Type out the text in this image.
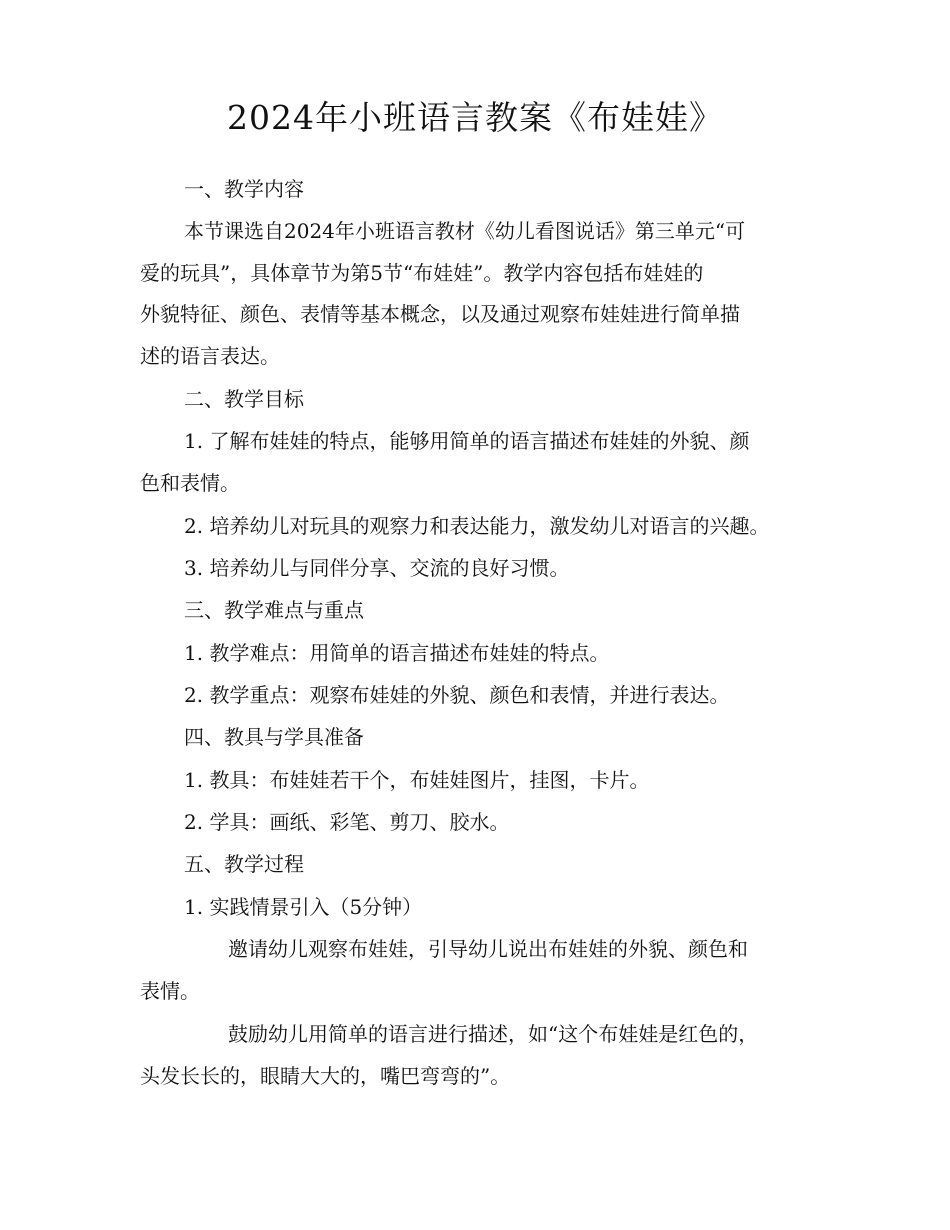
2024年小班语言教案《布娃娃》
一、教学内容
本节课选自2024年小班语言教材《幼儿看图说话》第三单元“可
爱的玩具”，具体章节为第5节“布娃娃”。教学内容包括布娃娃的
外貌特征、颜色、表情等基本概念，以及通过观察布娃娃进行简单描
述的语言表达。
二、教学目标
1. 了解布娃娃的特点，能够用简单的语言描述布娃娃的外貌、颜
色和表情。
2. 培养幼儿对玩具的观察力和表达能力，激发幼儿对语言的兴趣。
3. 培养幼儿与同伴分享、交流的良好习惯。
三、教学难点与重点
1. 教学难点：用简单的语言描述布娃娃的特点。
2. 教学重点：观察布娃娃的外貌、颜色和表情，并进行表达。
四、教具与学具准备
1. 教具：布娃娃若干个，布娃娃图片，挂图，卡片。
2. 学具：画纸、彩笔、剪刀、胶水。
五、教学过程
1. 实践情景引入（5分钟）
邀请幼儿观察布娃娃，引导幼儿说出布娃娃的外貌、颜色和
表情。
鼓励幼儿用简单的语言进行描述，如“这个布娃娃是红色的，
头发长长的，眼睛大大的，嘴巴弯弯的”。
